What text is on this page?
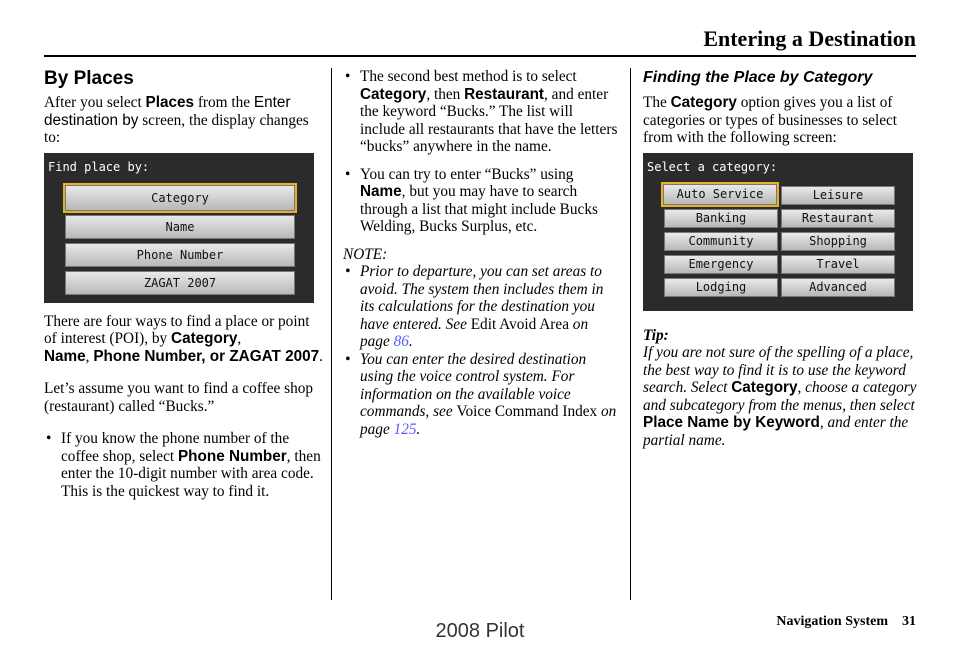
Entering a Destination
By Places

After you select Places from the Enter destination by screen, the display changes to:

Find place by:
Category
Name
Phone Number
ZAGAT 2007

There are four ways to find a place or point of interest (POI), by Category,
Name, Phone Number, or ZAGAT 2007.

Let’s assume you want to find a coffee shop (restaurant) called “Bucks.”

• If you know the phone number of the coffee shop, select Phone Number, then enter the 10-digit number with area code. This is the quickest way to find it.
• The second best method is to select Category, then Restaurant, and enter the keyword “Bucks.” The list will include all restaurants that have the letters “bucks” anywhere in the name.
• You can try to enter “Bucks” using Name, but you may have to search through a list that might include Bucks Welding, Bucks Surplus, etc.

NOTE:

• Prior to departure, you can set areas to avoid. The system then includes them in its calculations for the destination you have entered. See Edit Avoid Area on page 86.
• You can enter the desired destination using the voice control system. For information on the available voice commands, see Voice Command Index on page 125.
Finding the Place by Category

The Category option gives you a list of categories or types of businesses to select from with the following screen:

Select a category:
Auto Service
Banking
Community
Emergency
Lodging
Leisure
Restaurant
Shopping
Travel
Advanced

Tip:

If you are not sure of the spelling of a place, the best way to find it is to use the keyword search. Select Category, choose a category and subcategory from the menus, then select Place Name by Keyword, and enter the partial name.

Navigation System 31
2008 Pilot
